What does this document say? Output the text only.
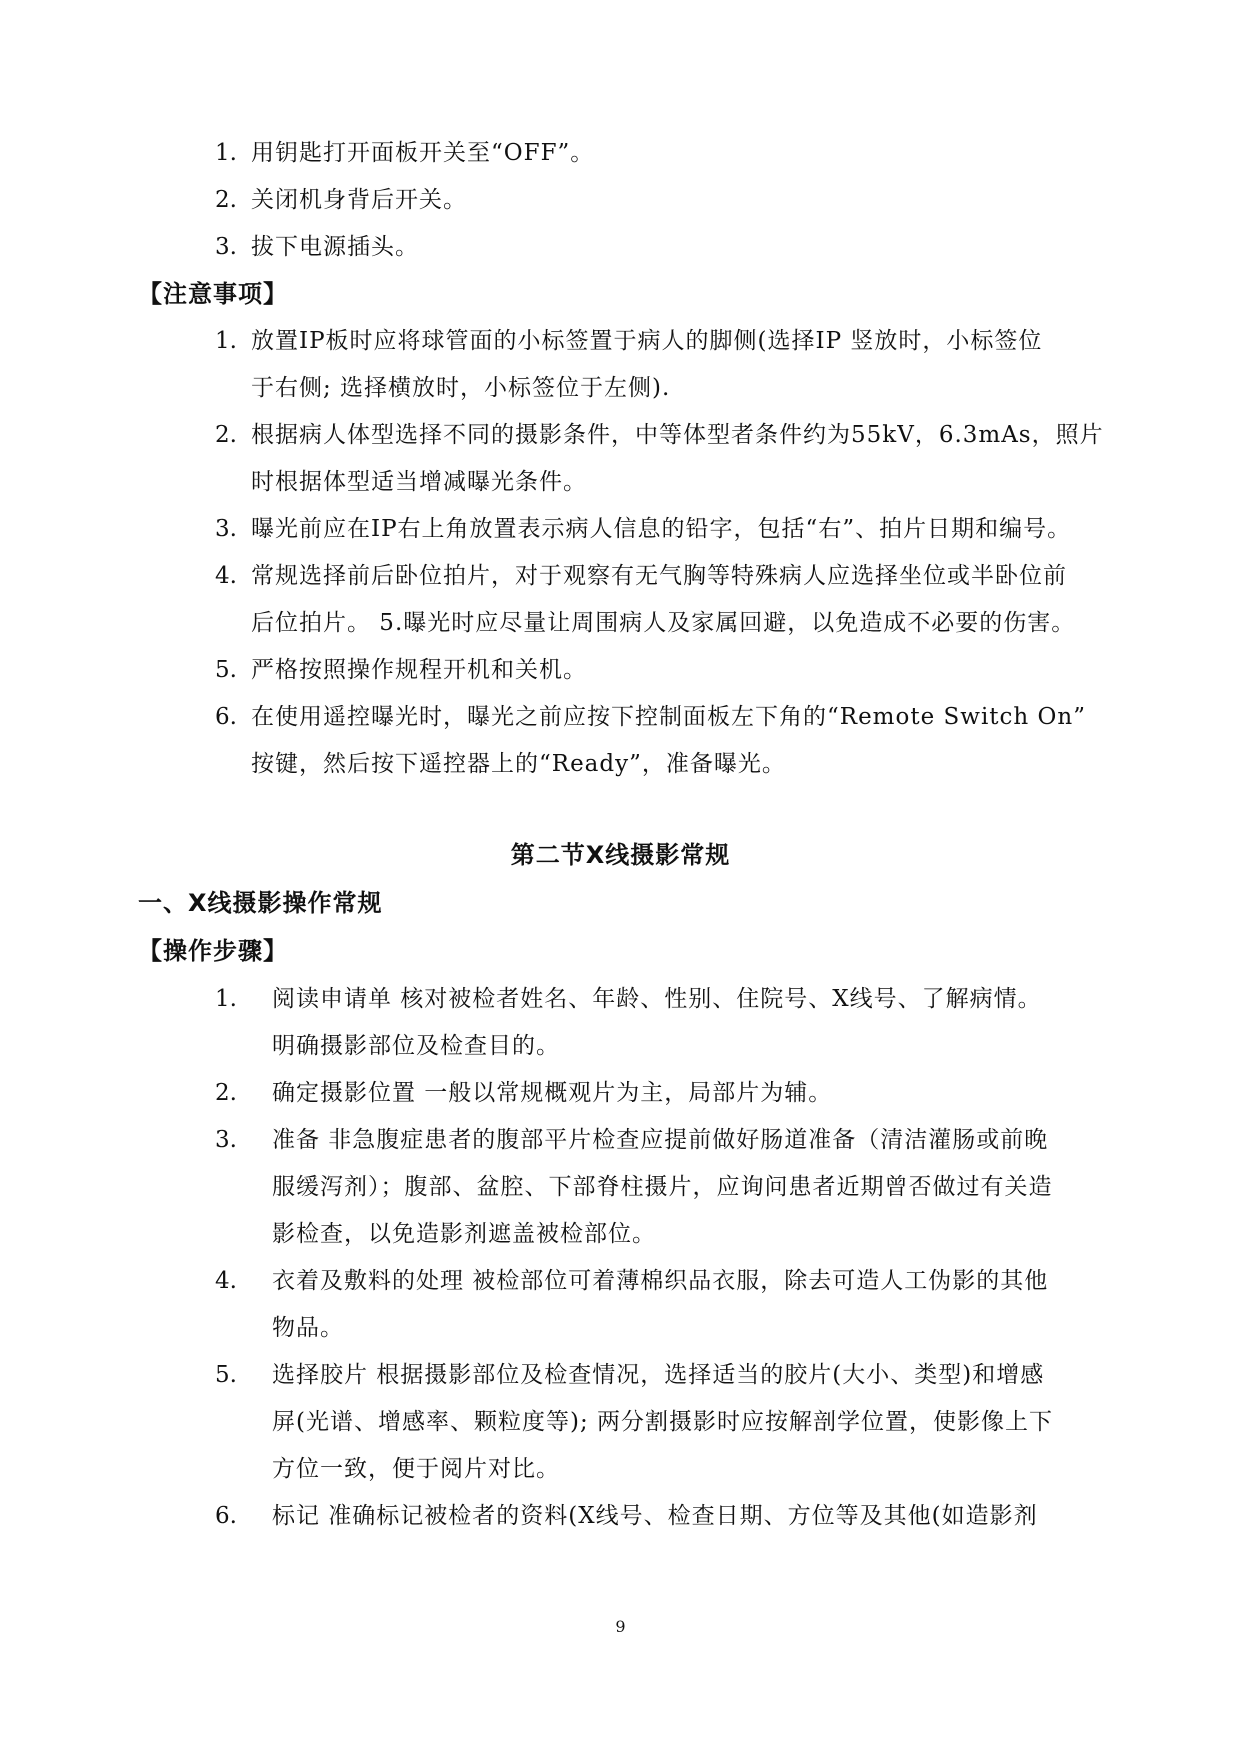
1. 用钥匙打开面板开关至“OFF”。
2. 关闭机身背后开关。
3. 拔下电源插头。
【注意事项】
1. 放置IP板时应将球管面的小标签置于病人的脚侧(选择IP 竖放时，小标签位
于右侧; 选择横放时，小标签位于左侧).
2. 根据病人体型选择不同的摄影条件，中等体型者条件约为55kV，6.3mAs，照片
时根据体型适当增减曝光条件。
3. 曝光前应在IP右上角放置表示病人信息的铅字，包括“右”、拍片日期和编号。
4. 常规选择前后卧位拍片，对于观察有无气胸等特殊病人应选择坐位或半卧位前
后位拍片。 5.曝光时应尽量让周围病人及家属回避，以免造成不必要的伤害。
5. 严格按照操作规程开机和关机。
6. 在使用遥控曝光时，曝光之前应按下控制面板左下角的“Remote Switch On”
按键，然后按下遥控器上的“Ready”，准备曝光。
第二节X线摄影常规
一、X线摄影操作常规
【操作步骤】
1. 阅读申请单 核对被检者姓名、年龄、性别、住院号、X线号、了解病情。
明确摄影部位及检查目的。
2. 确定摄影位置 一般以常规概观片为主，局部片为辅。
3. 准备 非急腹症患者的腹部平片检查应提前做好肠道准备（清洁灌肠或前晚
服缓泻剂）；腹部、盆腔、下部脊柱摄片，应询问患者近期曾否做过有关造
影检查，以免造影剂遮盖被检部位。
4. 衣着及敷料的处理 被检部位可着薄棉织品衣服，除去可造人工伪影的其他
物品。
5. 选择胶片 根据摄影部位及检查情况，选择适当的胶片(大小、类型)和增感
屏(光谱、增感率、颗粒度等); 两分割摄影时应按解剖学位置，使影像上下
方位一致，便于阅片对比。
6. 标记 准确标记被检者的资料(X线号、检查日期、方位等及其他(如造影剂
9
